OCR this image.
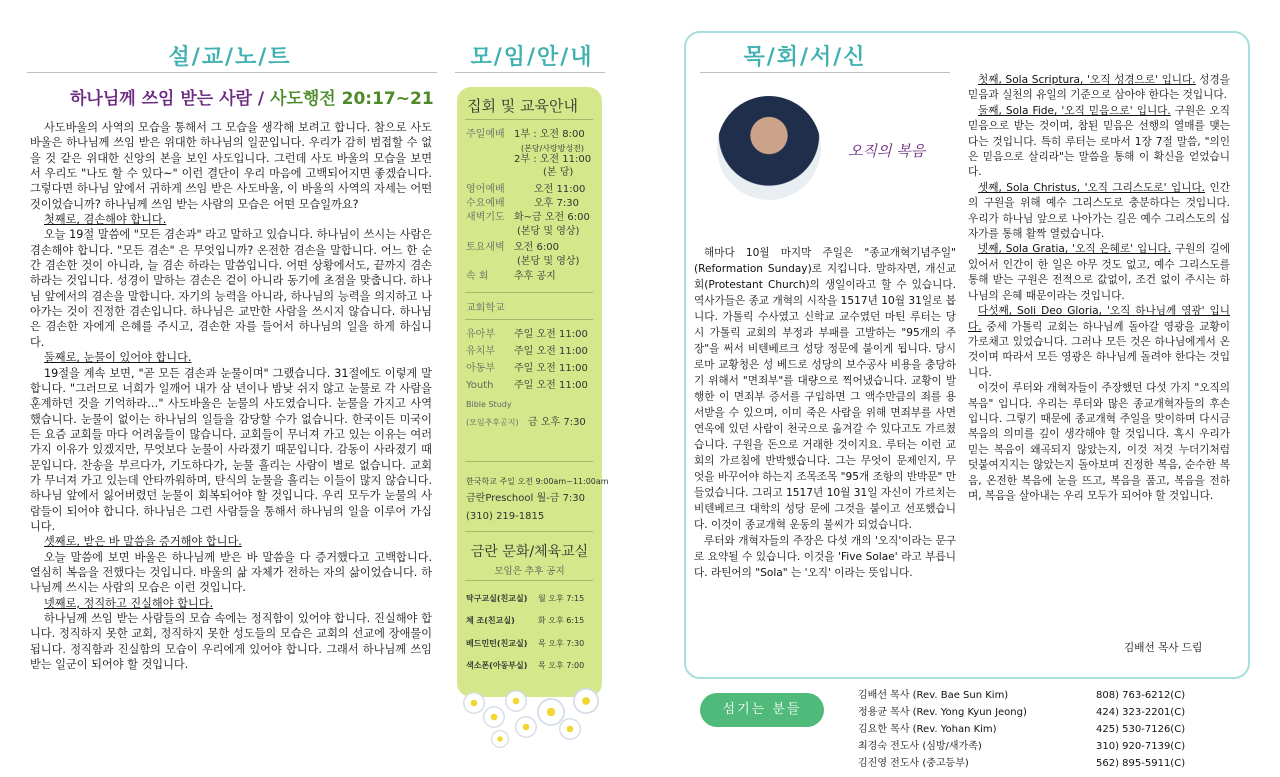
설/교/노/트
하나님께 쓰임 받는 사람 / 사도행전 20:17~21

사도바울의 사역의 모습을 통해서 그 모습을 생각해 보려고 합니다. 참으로 사도 바울은 하나님께 쓰임 받은 위대한 하나님의 일꾼입니다. 우리가 감히 범접할 수 없을 것 같은 위대한 신앙의 본을 보인 사도입니다. 그런데 사도 바울의 모습을 보면서 우리도 "나도 할 수 있다~" 이런 결단이 우리 마음에 고백되어지면 좋겠습니다. 그렇다면 하나님 앞에서 귀하게 쓰임 받은 사도바울, 이 바울의 사역의 자세는 어떤 것이었습니까? 하나님께 쓰임 받는 사람의 모습은 어떤 모습일까요?

첫째로, 겸손해야 합니다.

오늘 19절 말씀에 "모든 겸손과" 라고 말하고 있습니다. 하나님이 쓰시는 사람은 겸손해야 합니다. "모든 겸손" 은 무엇입니까? 온전한 겸손을 말합니다. 어느 한 순간 겸손한 것이 아니라, 늘 겸손 하라는 말씀입니다. 어떤 상황에서도, 끝까지 겸손 하라는 것입니다. 성경이 말하는 겸손은 겉이 아니라 동기에 초점을 맞춥니다. 하나님 앞에서의 겸손을 말합니다. 자기의 능력을 아니라, 하나님의 능력을 의지하고 나아가는 것이 진정한 겸손입니다. 하나님은 교만한 사람을 쓰시지 않습니다. 하나님은 겸손한 자에게 은혜를 주시고, 겸손한 자를 들어서 하나님의 일을 하게 하십니다.

둘째로, 눈물이 있어야 합니다.

19절을 계속 보면, "곧 모든 겸손과 눈물이며" 그랬습니다. 31절에도 이렇게 말합니다. "그러므로 너희가 일깨어 내가 삼 년이나 밤낮 쉬지 않고 눈물로 각 사람을 훈계하던 것을 기억하라…" 사도바울은 눈물의 사도였습니다. 눈물을 가지고 사역했습니다. 눈물이 없이는 하나님의 일들을 감당할 수가 없습니다. 한국이든 미국이든 요즘 교회들 마다 어려움들이 많습니다. 교회들이 무너져 가고 있는 이유는 여러 가지 이유가 있겠지만, 무엇보다 눈물이 사라졌기 때문입니다. 감동이 사라졌기 때문입니다. 찬송을 부르다가, 기도하다가, 눈물 흘리는 사람이 별로 없습니다. 교회가 무너져 가고 있는데 안타까워하며, 탄식의 눈물을 흘리는 이들이 많지 않습니다. 하나님 앞에서 잃어버렸던 눈물이 회복되어야 할 것입니다. 우리 모두가 눈물의 사람들이 되어야 합니다. 하나님은 그런 사람들을 통해서 하나님의 일을 이루어 가십니다.

셋째로, 받은 바 말씀을 증거해야 합니다.

오늘 말씀에 보면 바울은 하나님께 받은 바 말씀을 다 증거했다고 고백합니다. 열심히 복음을 전했다는 것입니다. 바울의 삶 자체가 전하는 자의 삶이었습니다. 하나님께 쓰시는 사람의 모습은 이런 것입니다.

넷째로, 정직하고 진실해야 합니다.

하나님께 쓰임 받는 사람들의 모습 속에는 정직함이 있어야 합니다. 진실해야 합니다. 정직하지 못한 교회, 정직하지 못한 성도들의 모습은 교회의 선교에 장애물이 됩니다. 정직함과 진실함의 모습이 우리에게 있어야 합니다. 그래서 하나님께 쓰임 받는 일군이 되어야 할 것입니다.

모/임/안/내
집회 및 교육안내
주일예배 1부 : 오전 8:00
(본당/사랑방성전)
2부 : 오전 11:00
(본 당)
영어예배	오전 11:00
수요예배	오후 7:30
새벽기도 화~금 오전 6:00
(본당 및 영상)
토요새벽 오전 6:00
(본당 및 영상)
속 회	추후 공지
교회학교
유아부 주일 오전 11:00
유치부 주일 오전 11:00
아동부 주일 오전 11:00
Youth 주일 오전 11:00
Bible Study
(모임추후공지) 금 오후 7:30
한국학교 주일 오전 9:00am~11:00am
금란Preschool 월-금 7:30
(310) 219-1815
금란 문화/체육교실
모임은 추후 공지
탁구교실(친교실) 월 오후 7:15
체 조(친교실)	화 오후 6:15
배드민턴(친교실) 목 오후 7:30
색소폰(아동부실) 목 오후 7:00
목/회/서/신
오직의 복음

해마다 10월 마지막 주일은 "종교개혁기념주일"(Reformation Sunday)로 지킵니다. 말하자면, 개신교회(Protestant Church)의 생일이라고 할 수 있습니다. 역사가들은 종교 개혁의 시작을 1517년 10월 31일로 봅니다. 가톨릭 수사였고 신학교 교수였던 마틴 루터는 당시 가톨릭 교회의 부정과 부패를 고발하는 "95개의 주장"을 써서 비텐베르크 성당 정문에 붙이게 됩니다. 당시 로마 교황청은 성 베드로 성당의 보수공사 비용을 충당하기 위해서 "면죄부"를 대량으로 찍어냈습니다. 교황이 발행한 이 면죄부 증서를 구입하면 그 액수만큼의 죄를 용서받을 수 있으며, 이미 죽은 사람을 위해 면죄부를 사면 연옥에 있던 사람이 천국으로 옮겨갈 수 있다고도 가르쳤습니다. 구원을 돈으로 거래한 것이지요. 루터는 이런 교회의 가르침에 반박했습니다. 그는 무엇이 문제인지, 무엇을 바꾸어야 하는지 조목조목 "95개 조항의 반박문" 만들었습니다. 그리고 1517년 10월 31일 자신이 가르치는 비텐베르크 대학의 성당 문에 그것을 붙이고 선포했습니다. 이것이 종교개혁 운동의 불씨가 되었습니다.

루터와 개혁자들의 주장은 다섯 개의 '오직'이라는 문구로 요약될 수 있습니다. 이것을 'Five Solae' 라고 부릅니다. 라틴어의 "Sola" 는 '오직' 이라는 뜻입니다.

첫째, Sola Scriptura, '오직 성경으로' 입니다. 성경을 믿음과 실천의 유일의 기준으로 삼아야 한다는 것입니다.

둘째, Sola Fide, '오직 믿음으로' 입니다. 구원은 오직 믿음으로 받는 것이며, 참된 믿음은 선행의 열매를 맺는다는 것입니다. 특히 루터는 로마서 1장 7절 말씀, "의인은 믿음으로 살리라"는 말씀을 통해 이 확신을 얻었습니다.

셋째, Sola Christus, '오직 그리스도로' 입니다. 인간의 구원을 위해 예수 그리스도로 충분하다는 것입니다. 우리가 하나님 앞으로 나아가는 길은 예수 그리스도의 십자가를 통해 활짝 열렸습니다.

넷째, Sola Gratia, '오직 은혜로' 입니다. 구원의 길에 있어서 인간이 한 일은 아무 것도 없고, 예수 그리스도를 통해 받는 구원은 전적으로 값없이, 조건 없이 주시는 하나님의 은혜 때문이라는 것입니다.

다섯째, Soli Deo Gloria, '오직 하나님께 영광' 입니다. 중세 가톨릭 교회는 하나님께 돌아갈 영광을 교황이 가로채고 있었습니다. 그러나 모든 것은 하나님에게서 온 것이며 따라서 모든 영광은 하나님께 돌려야 한다는 것입니다.

이것이 루터와 개혁자들이 주장했던 다섯 가지 "오직의 복음" 입니다. 우리는 루터와 많은 종교개혁자들의 후손입니다. 그렇기 때문에 종교개혁 주일을 맞이하며 다시금 복음의 의미를 깊이 생각해야 할 것입니다. 혹시 우리가 믿는 복음이 왜곡되지 않았는지, 이것 저것 누더기처럼 덧붙여지지는 않았는지 돌아보며 진정한 복음, 순수한 복음, 온전한 복음에 눈을 뜨고, 복음을 품고, 복음을 전하며, 복음을 살아내는 우리 모두가 되어야 할 것입니다.

김배선 목사 드림
섬기는 분들
김배선 목사 (Rev. Bae Sun Kim)	808) 763-6212(C)
정용균 목사 (Rev. Yong Kyun Jeong)	424) 323-2201(C)
김요한 목사 (Rev. Yohan Kim)	425) 530-7126(C)
최경숙 전도사 (심방/새가족)	310) 920-7139(C)
김진영 전도사 (중고등부)	562) 895-5911(C)
